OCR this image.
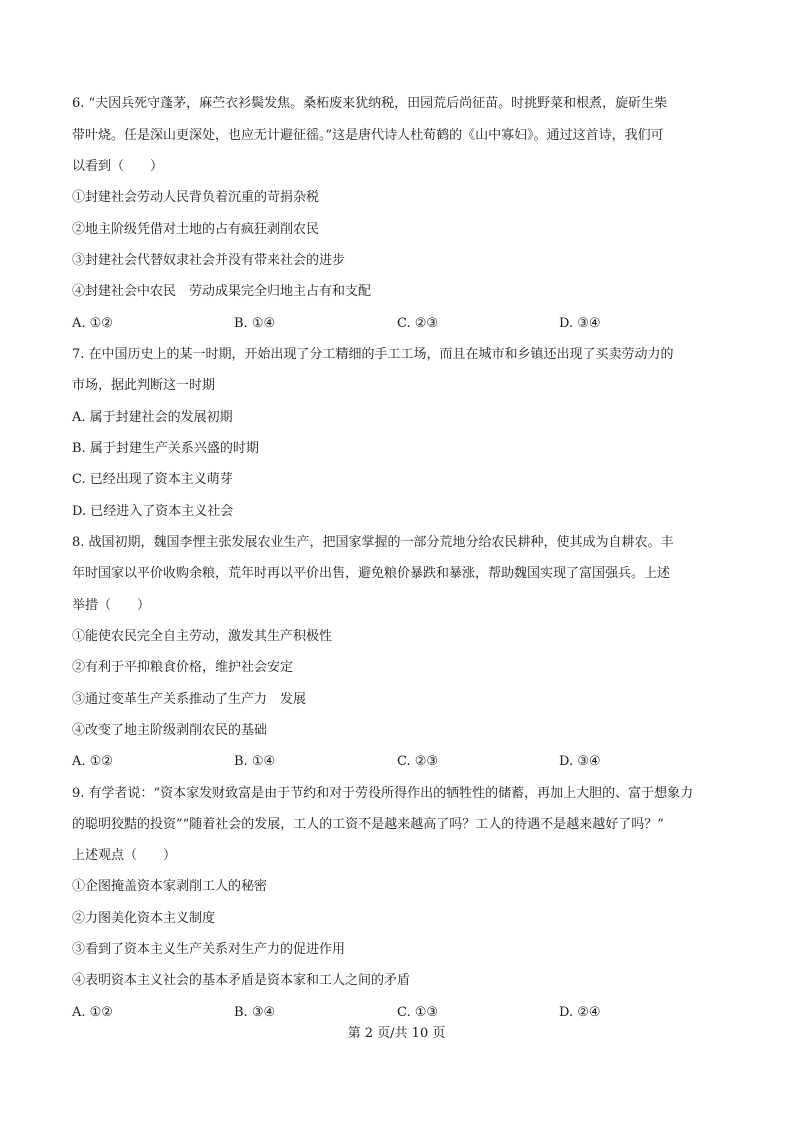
6. “夫因兵死守蓬茅，麻苎衣衫鬓发焦。桑柘废来犹纳税，田园荒后尚征苗。时挑野菜和根煮，旋斫生柴
带叶烧。任是深山更深处，也应无计避征徭。”这是唐代诗人杜荀鹤的《山中寡妇》。通过这首诗，我们可
以看到（　　）
①封建社会劳动人民背负着沉重的苛捐杂税
②地主阶级凭借对土地的占有疯狂剥削农民
③封建社会代替奴隶社会并没有带来社会的进步
④封建社会中农民　劳动成果完全归地主占有和支配
A. ①②	B. ①④	C. ②③	D. ③④
7. 在中国历史上的某一时期，开始出现了分工精细的手工工场，而且在城市和乡镇还出现了买卖劳动力的
市场，据此判断这一时期
A. 属于封建社会的发展初期
B. 属于封建生产关系兴盛的时期
C. 已经出现了资本主义萌芽
D. 已经进入了资本主义社会
8. 战国初期，魏国李悝主张发展农业生产，把国家掌握的一部分荒地分给农民耕种，使其成为自耕农。丰
年时国家以平价收购余粮，荒年时再以平价出售，避免粮价暴跌和暴涨，帮助魏国实现了富国强兵。上述
举措（　　）
①能使农民完全自主劳动，激发其生产积极性
②有利于平抑粮食价格，维护社会安定
③通过变革生产关系推动了生产力　发展
④改变了地主阶级剥削农民的基础
A. ①②	B. ①④	C. ②③	D. ③④
9. 有学者说：“资本家发财致富是由于节约和对于劳役所得作出的牺牲性的储蓄，再加上大胆的、富于想象力
的聪明狡黠的投资”“随着社会的发展，工人的工资不是越来越高了吗？工人的待遇不是越来越好了吗？”
上述观点（　　）
①企图掩盖资本家剥削工人的秘密
②力图美化资本主义制度
③看到了资本主义生产关系对生产力的促进作用
④表明资本主义社会的基本矛盾是资本家和工人之间的矛盾
A. ①②	B. ③④	C. ①③	D. ②④
第 2 页/共 10 页
